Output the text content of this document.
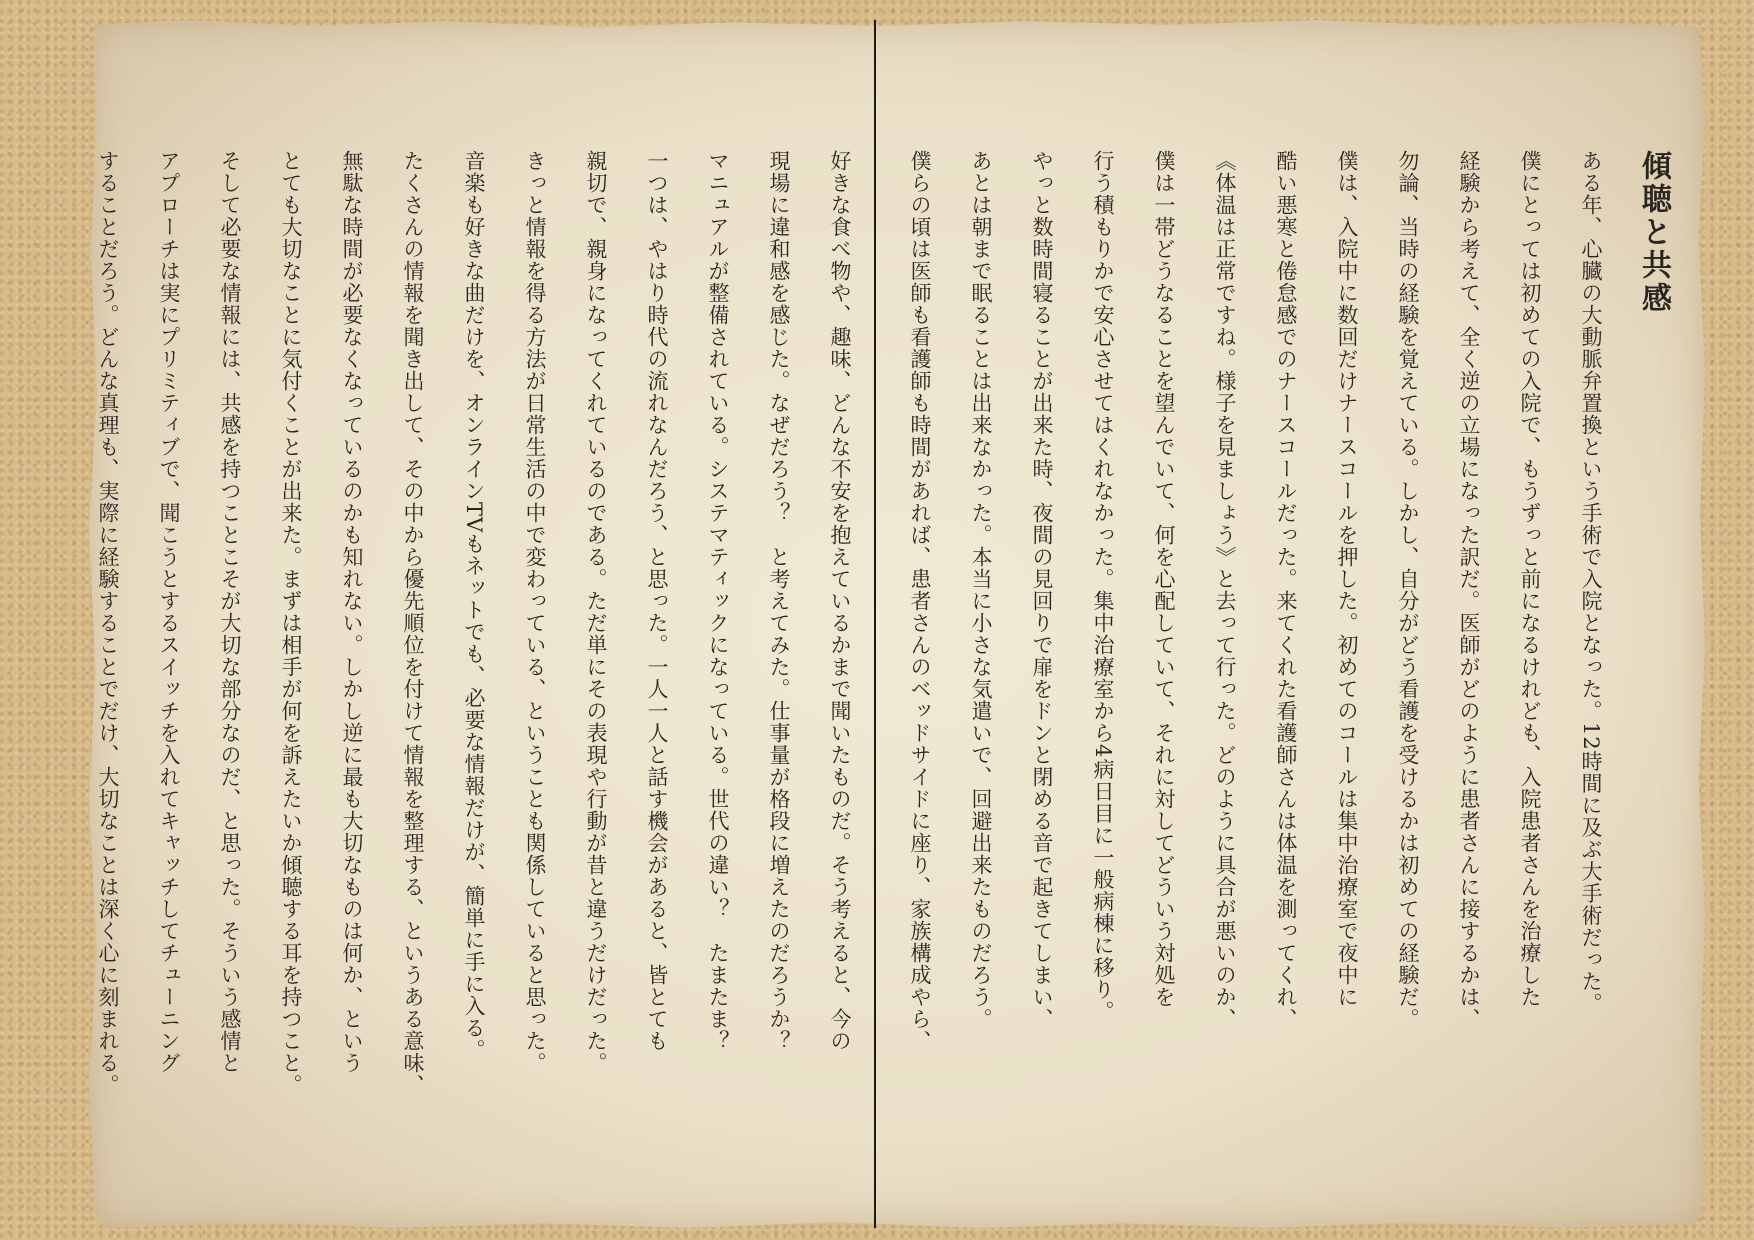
傾聴と共感

ある年、心臓の大動脈弁置換という手術で入院となった。12時間に及ぶ大手術だった。

僕にとっては初めての入院で、もうずっと前になるけれども、入院患者さんを治療した

経験から考えて、全く逆の立場になった訳だ。医師がどのように患者さんに接するかは、

勿論、当時の経験を覚えている。しかし、自分がどう看護を受けるかは初めての経験だ。

僕は、入院中に数回だけナースコールを押した。初めてのコールは集中治療室で夜中に

酷い悪寒と倦怠感でのナースコールだった。来てくれた看護師さんは体温を測ってくれ、

《体温は正常ですね。様子を見ましょう》と去って行った。どのように具合が悪いのか、

僕は一帯どうなることを望んでいて、何を心配していて、それに対してどういう対処を

行う積もりかで安心させてはくれなかった。集中治療室から4病日目に一般病棟に移り。

やっと数時間寝ることが出来た時、夜間の見回りで扉をドンと閉める音で起きてしまい、

あとは朝まで眠ることは出来なかった。本当に小さな気遣いで、回避出来たものだろう。

僕らの頃は医師も看護師も時間があれば、患者さんのベッドサイドに座り、家族構成やら、

好きな食べ物や、趣味、どんな不安を抱えているかまで聞いたものだ。そう考えると、今の

現場に違和感を感じた。なぜだろう？　と考えてみた。仕事量が格段に増えたのだろうか？

マニュアルが整備されている。システマティックになっている。世代の違い？　たまたま？

一つは、やはり時代の流れなんだろう、と思った。一人一人と話す機会があると、皆とても

親切で、親身になってくれているのである。ただ単にその表現や行動が昔と違うだけだった。

きっと情報を得る方法が日常生活の中で変わっている、ということも関係していると思った。

音楽も好きな曲だけを、オンラインTVもネットでも、必要な情報だけが、簡単に手に入る。

たくさんの情報を聞き出して、その中から優先順位を付けて情報を整理する、というある意味、

無駄な時間が必要なくなっているのかも知れない。しかし逆に最も大切なものは何か、という

とても大切なことに気付くことが出来た。まずは相手が何を訴えたいか傾聴する耳を持つこと。

そして必要な情報には、共感を持つことこそが大切な部分なのだ、と思った。そういう感情と

アプローチは実にプリミティブで、聞こうとするスイッチを入れてキャッチしてチューニング

することだろう。どんな真理も、実際に経験することでだけ、大切なことは深く心に刻まれる。
